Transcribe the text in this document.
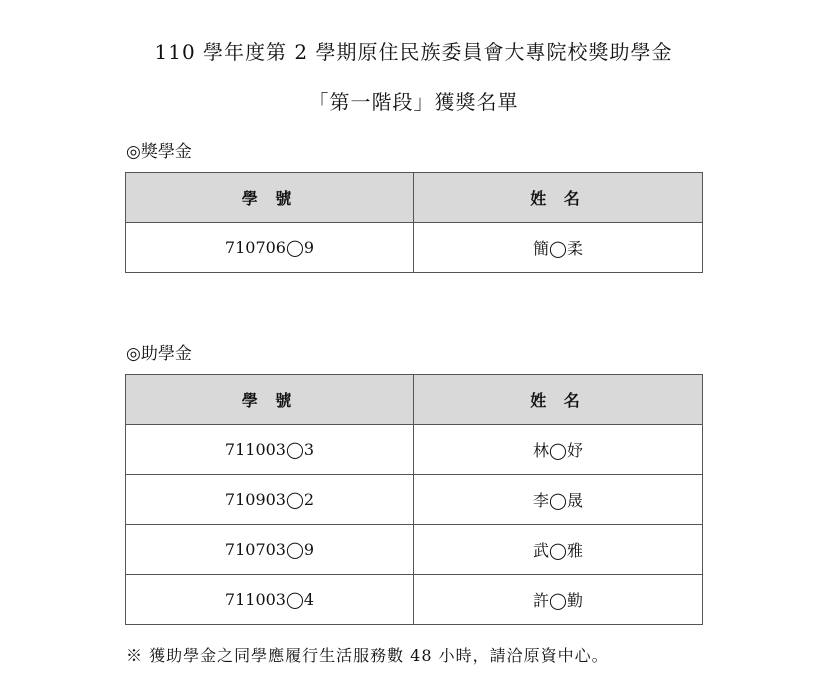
110 學年度第 2 學期原住民族委員會大專院校獎助學金
「第一階段」獲獎名單
◎獎學金
學 號	姓 名
710706◯9	簡◯柔
◎助學金
學 號	姓 名
711003◯3	林◯妤
710903◯2	李◯晟
710703◯9	武◯雅
711003◯4	許◯勤
※ 獲助學金之同學應履行生活服務數 48 小時，請洽原資中心。
